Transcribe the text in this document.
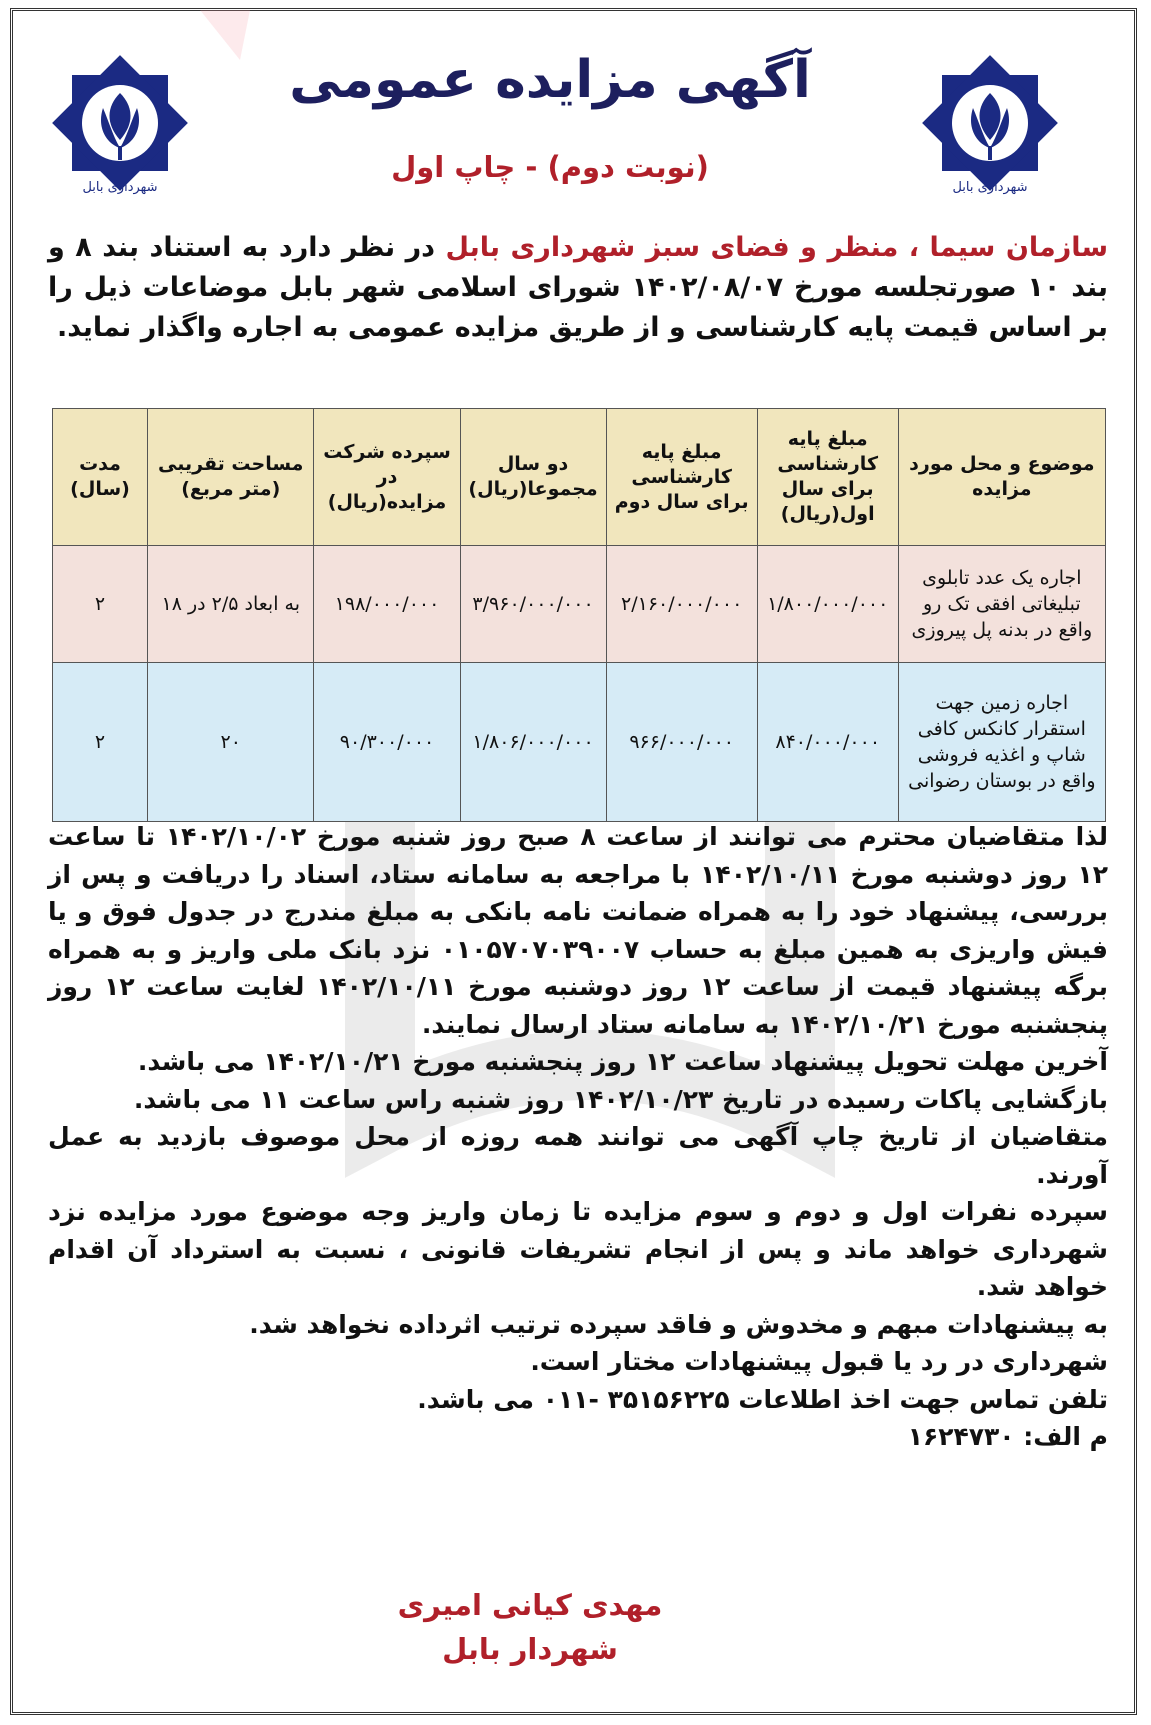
شهرداری بابل	شهرداری بابل
آگهی مزایده عمومی
(نوبت دوم) - چاپ اول
سازمان سیما ، منظر و فضای سبز شهرداری بابل در نظر دارد به استناد بند ۸ و بند ۱۰ صورتجلسه مورخ ۱۴۰۲/۰۸/۰۷ شورای اسلامی شهر بابل موضاعات ذیل را بر اساس قیمت پایه کارشناسی و از طریق مزایده عمومی به اجاره واگذار نماید.
موضوع و محل مورد مزایده	مبلغ پایه کارشناسی برای سال اول(ریال)	مبلغ پایه کارشناسی برای سال دوم	دو سال مجموعا(ریال)	سپرده شرکت در مزایده(ریال)	مساحت تقریبی (متر مربع)	مدت (سال)
اجاره یک عدد تابلوی تبلیغاتی افقی تک رو واقع در بدنه پل پیروزی	۱/۸۰۰/۰۰۰/۰۰۰	۲/۱۶۰/۰۰۰/۰۰۰	۳/۹۶۰/۰۰۰/۰۰۰	۱۹۸/۰۰۰/۰۰۰	به ابعاد ۲/۵ در ۱۸	۲
اجاره زمین جهت استقرار کانکس کافی شاپ و اغذیه فروشی واقع در بوستان رضوانی	۸۴۰/۰۰۰/۰۰۰	۹۶۶/۰۰۰/۰۰۰	۱/۸۰۶/۰۰۰/۰۰۰	۹۰/۳۰۰/۰۰۰	۲۰	۲

لذا متقاضیان محترم می توانند از ساعت ۸ صبح روز شنبه مورخ ۱۴۰۲/۱۰/۰۲ تا ساعت ۱۲ روز دوشنبه مورخ ۱۴۰۲/۱۰/۱۱ با مراجعه به سامانه ستاد، اسناد را دریافت و پس از بررسی، پیشنهاد خود را به همراه ضمانت نامه بانکی به مبلغ مندرج در جدول فوق و یا فیش واریزی به همین مبلغ به حساب ۰۱۰۵۷۰۷۰۳۹۰۰۷ نزد بانک ملی واریز و به همراه برگه پیشنهاد قیمت از ساعت ۱۲ روز دوشنبه مورخ ۱۴۰۲/۱۰/۱۱ لغایت ساعت ۱۲ روز پنجشنبه مورخ ۱۴۰۲/۱۰/۲۱ به سامانه ستاد ارسال نمایند.

آخرین مهلت تحویل پیشنهاد ساعت ۱۲ روز پنجشنبه مورخ ۱۴۰۲/۱۰/۲۱ می باشد.

بازگشایی پاکات رسیده در تاریخ ۱۴۰۲/۱۰/۲۳ روز شنبه راس ساعت ۱۱ می باشد.

متقاضیان از تاریخ چاپ آگهی می توانند همه روزه از محل موصوف بازدید به عمل آورند.

سپرده نفرات اول و دوم و سوم مزایده تا زمان واریز وجه موضوع مورد مزایده نزد شهرداری خواهد ماند و پس از انجام تشریفات قانونی ، نسبت به استرداد آن اقدام خواهد شد.

به پیشنهادات مبهم و مخدوش و فاقد سپرده ترتیب اثرداده نخواهد شد.

شهرداری در رد یا قبول پیشنهادات مختار است.

تلفن تماس جهت اخذ اطلاعات ۳۵۱۵۶۲۲۵ -۰۱۱ می باشد.

م الف: ۱۶۲۴۷۳۰

مهدی کیانی امیری
شهردار بابل
